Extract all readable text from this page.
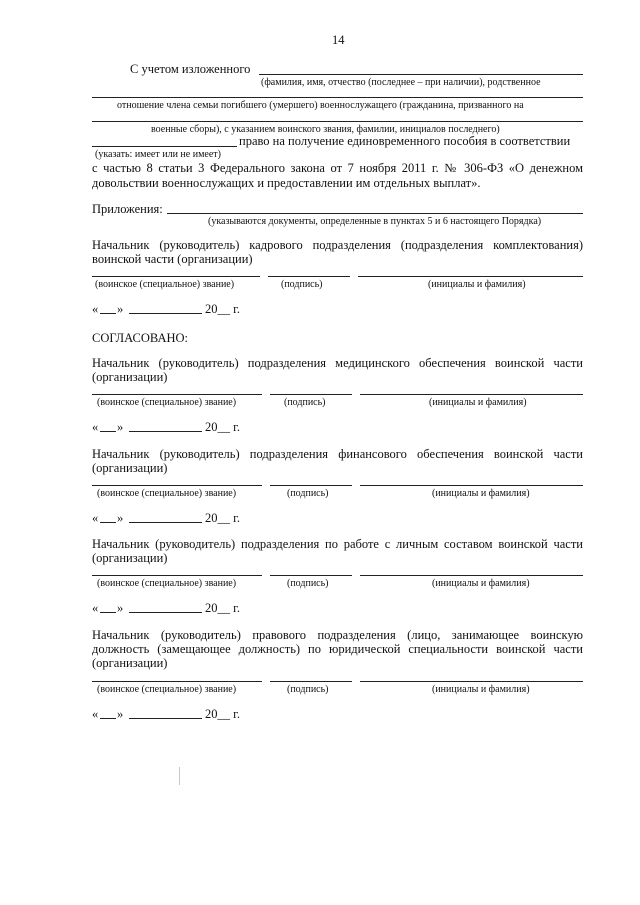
14
С учетом изложенного
(фамилия, имя, отчество (последнее – при наличии), родственное
отношение члена семьи погибшего (умершего) военнослужащего (гражданина, призванного на
военные сборы), с указанием воинского звания, фамилии, инициалов последнего)
право на получение единовременного пособия в соответствии
(указать: имеет или не имеет)
с частью 8 статьи 3 Федерального закона от 7 ноября 2011 г. № 306-ФЗ «О денежном
довольствии военнослужащих и предоставлении им отдельных выплат».
Приложения:
(указываются документы, определенные в пунктах 5 и 6 настоящего Порядка)
Начальник (руководитель) кадрового подразделения (подразделения комплектования)
воинской части (организации)
(воинское (специальное) звание)	(подпись)	(инициалы и фамилия)
« »	20__ г.
СОГЛАСОВАНО:
Начальник (руководитель) подразделения медицинского обеспечения воинской части
(организации)
(воинское (специальное) звание)	(подпись)	(инициалы и фамилия)
« »	20__ г.
Начальник (руководитель) подразделения финансового обеспечения воинской части
(организации)
(воинское (специальное) звание)	(подпись)	(инициалы и фамилия)
« »	20__ г.
Начальник (руководитель) подразделения по работе с личным составом воинской части
(организации)
(воинское (специальное) звание)	(подпись)	(инициалы и фамилия)
« »	20__ г.
Начальник (руководитель) правового подразделения (лицо, занимающее воинскую
должность (замещающее должность) по юридической специальности воинской части
(организации)
(воинское (специальное) звание)	(подпись)	(инициалы и фамилия)
« »	20__ г.
